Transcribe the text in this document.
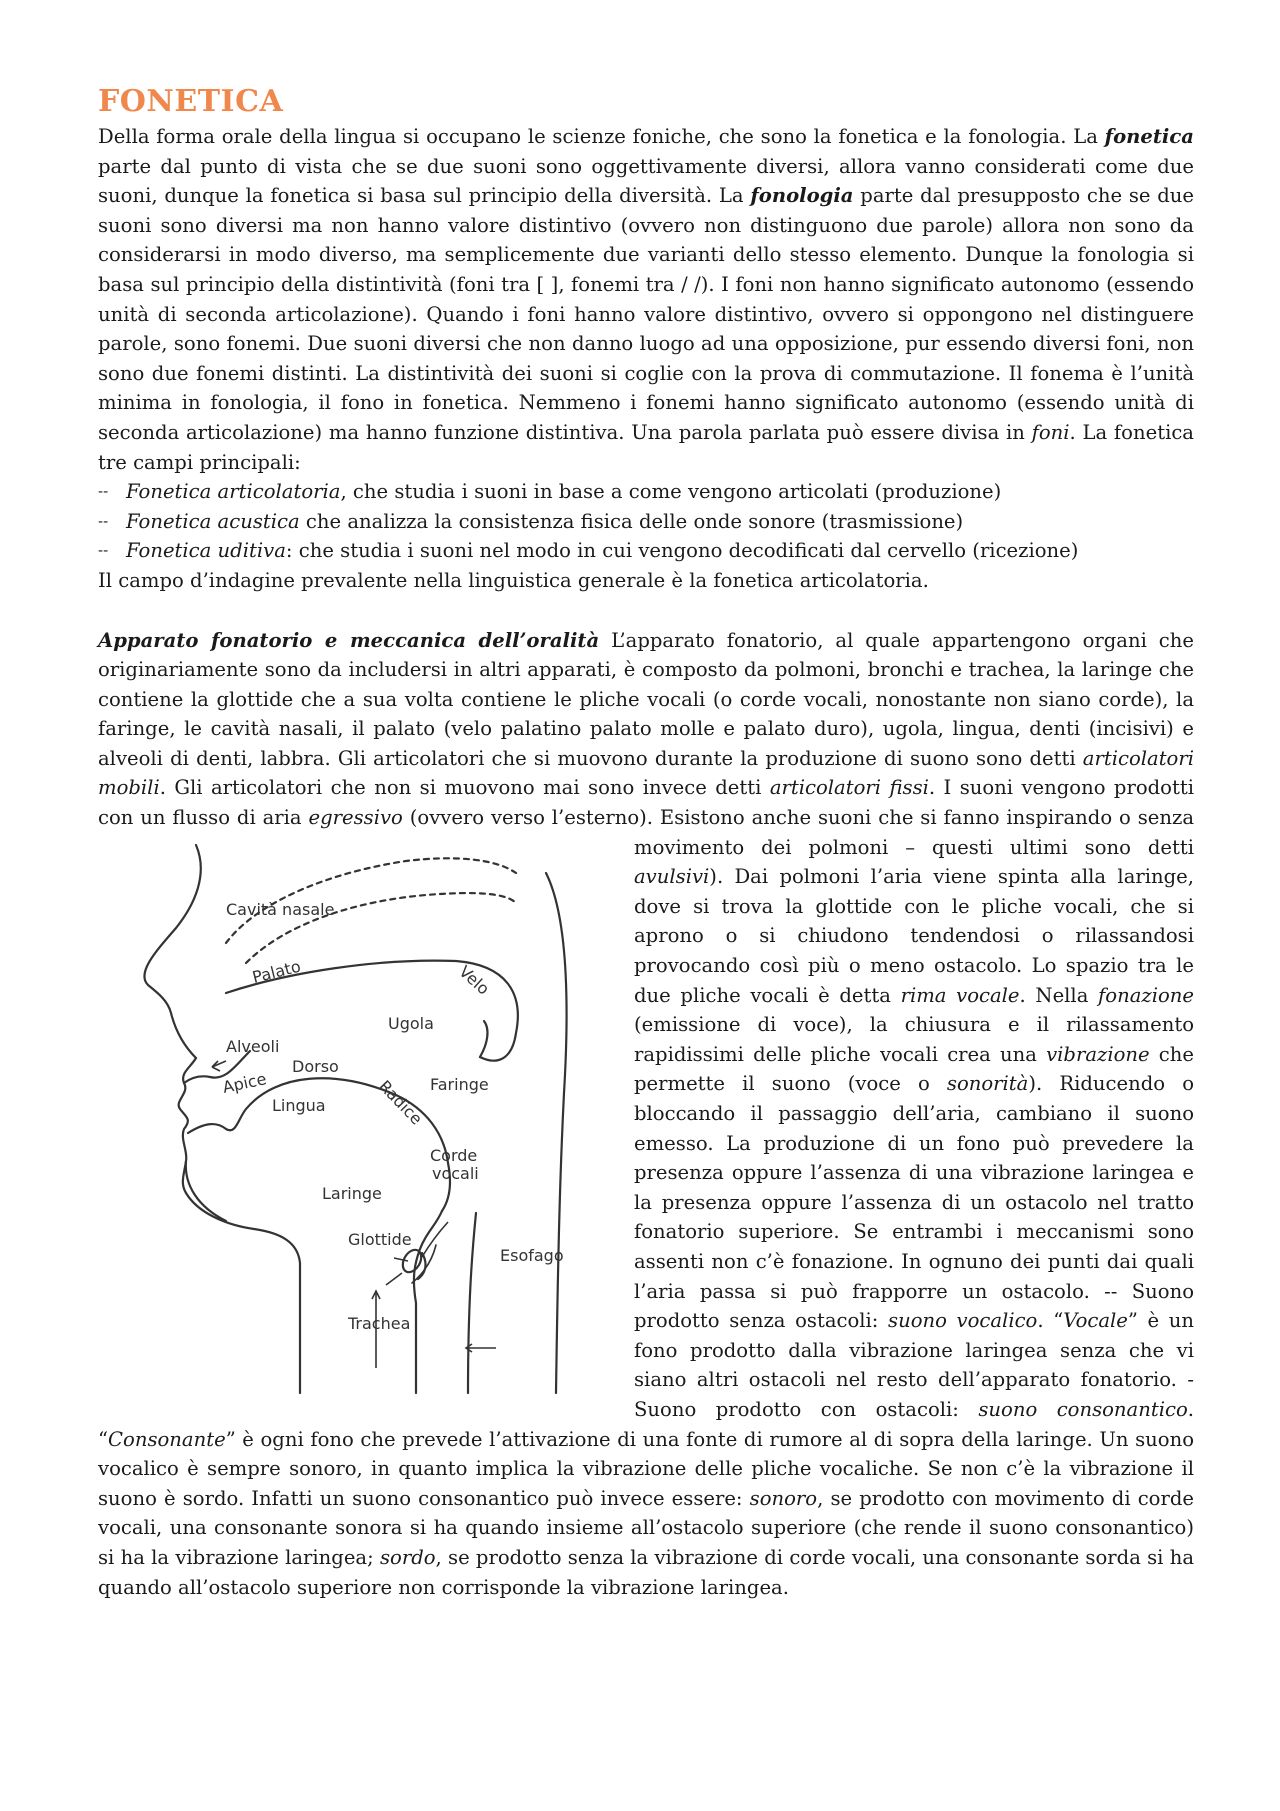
FONETICA

Della forma orale della lingua si occupano le scienze foniche, che sono la fonetica e la fonologia. La fonetica parte dal punto di vista che se due suoni sono oggettivamente diversi, allora vanno considerati come due suoni, dunque la fonetica si basa sul principio della diversità. La fonologia parte dal presupposto che se due suoni sono diversi ma non hanno valore distintivo (ovvero non distinguono due parole) allora non sono da considerarsi in modo diverso, ma semplicemente due varianti dello stesso elemento. Dunque la fonologia si basa sul principio della distintività (foni tra [ ], fonemi tra / /). I foni non hanno significato autonomo (essendo unità di seconda articolazione). Quando i foni hanno valore distintivo, ovvero si oppongono nel distinguere parole, sono fonemi. Due suoni diversi che non danno luogo ad una opposizione, pur essendo diversi foni, non sono due fonemi distinti. La distintività dei suoni si coglie con la prova di commutazione. Il fonema è l’unità minima in fonologia, il fono in fonetica. Nemmeno i fonemi hanno significato autonomo (essendo unità di seconda articolazione) ma hanno funzione distintiva. Una parola parlata può essere divisa in foni. La fonetica tre campi principali:

-- Fonetica articolatoria, che studia i suoni in base a come vengono articolati (produzione)
-- Fonetica acustica che analizza la consistenza fisica delle onde sonore (trasmissione)
-- Fonetica uditiva: che studia i suoni nel modo in cui vengono decodificati dal cervello (ricezione)

Il campo d’indagine prevalente nella linguistica generale è la fonetica articolatoria.

Apparato fonatorio e meccanica dell’oralità L’apparato fonatorio, al quale appartengono organi che originariamente sono da includersi in altri apparati, è composto da polmoni, bronchi e trachea, la laringe che contiene la glottide che a sua volta contiene le pliche vocali (o corde vocali, nonostante non siano corde), la faringe, le cavità nasali, il palato (velo palatino palato molle e palato duro), ugola, lingua, denti (incisivi) e alveoli di denti, labbra. Gli articolatori che si muovono durante la produzione di suono sono detti articolatori mobili. Gli articolatori che non si muovono mai sono invece detti articolatori fissi. I suoni vengono prodotti con un flusso di aria egressivo (ovvero verso l’esterno). Esistono anche suoni che si fanno inspirando o senza movimento dei polmoni – questi ultimi sono detti
Cavità nasale
Palato	Velo
Ugola
Alveoli
Dorso
Apice	Radice Faringe
Lingua
Corde
vocali
Laringe
Glottide
Esofago
Trachea
avulsivi). Dai polmoni l’aria viene spinta alla laringe, dove si trova la glottide con le pliche vocali, che si aprono o si chiudono tendendosi o rilassandosi provocando così più o meno ostacolo. Lo spazio tra le due pliche vocali è detta rima vocale. Nella fonazione (emissione di voce), la chiusura e il rilassamento rapidissimi delle pliche vocali crea una vibrazione che permette il suono (voce o sonorità). Riducendo o bloccando il passaggio dell’aria, cambiano il suono emesso. La produzione di un fono può prevedere la presenza oppure l’assenza di una vibrazione laringea e la presenza oppure l’assenza di un ostacolo nel tratto fonatorio superiore. Se entrambi i meccanismi sono assenti non c’è fonazione. In ognuno dei punti dai quali l’aria passa si può frapporre un ostacolo. -- Suono prodotto senza ostacoli: suono vocalico. “Vocale” è un fono prodotto dalla vibrazione laringea senza che vi siano altri ostacoli nel resto dell’apparato fonatorio. - Suono prodotto con ostacoli: suono consonantico. “Consonante” è ogni fono che prevede l’attivazione di una fonte di rumore al di sopra della laringe. Un suono vocalico è sempre sonoro, in quanto implica la vibrazione delle pliche vocaliche. Se non c’è la vibrazione il suono è sordo. Infatti un suono consonantico può invece essere: sonoro, se prodotto con movimento di corde vocali, una consonante sonora si ha quando insieme all’ostacolo superiore (che rende il suono consonantico) si ha la vibrazione laringea; sordo, se prodotto senza la vibrazione di corde vocali, una consonante sorda si ha quando all’ostacolo superiore non corrisponde la vibrazione laringea.
